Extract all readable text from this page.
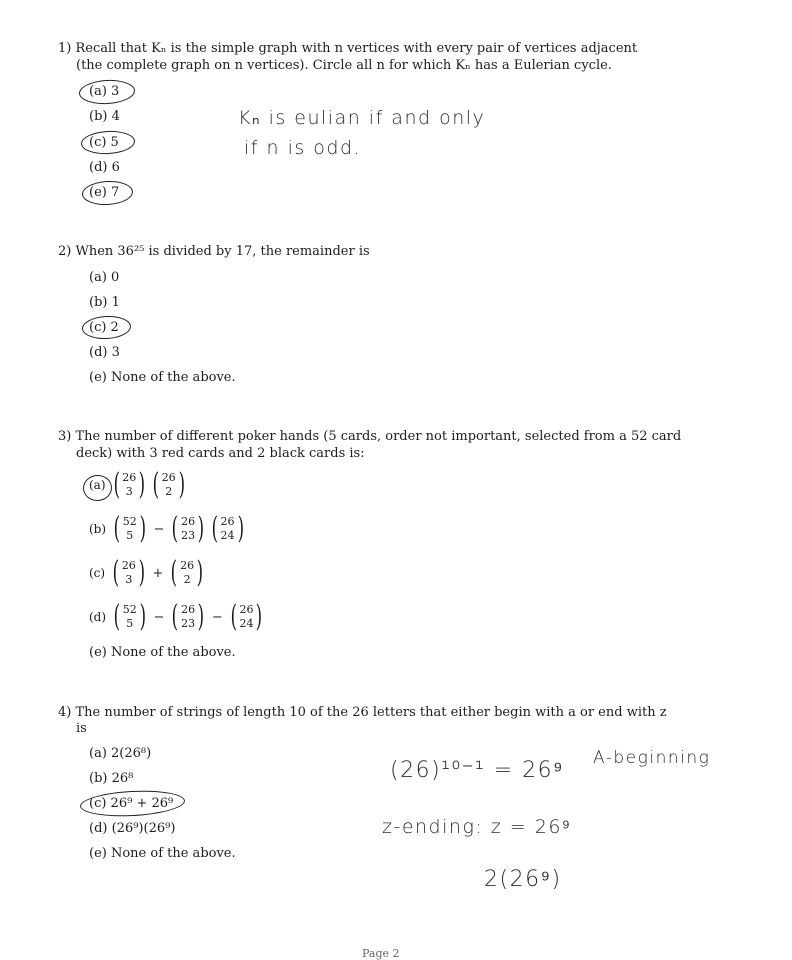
1) Recall that Kₙ is the simple graph with n vertices with every pair of vertices adjacent
(the complete graph on n vertices). Circle all n for which Kₙ has a Eulerian cycle.
(a) 3
(b) 4
(c) 5
(d) 6
(e) 7
Kₙ is eulian if and only
if n is odd.
2) When 36²⁵ is divided by 17, the remainder is
(a) 0
(b) 1
(c) 2
(d) 3
(e) None of the above.
3) The number of different poker hands (5 cards, order not important, selected from a 52 card
deck) with 3 red cards and 2 black cards is:
(a) ( 26
3 ) ( 26
2 )
(b) ( 52
5 ) − ( 26
23 ) ( 26
24 )
(c) ( 26
3 ) + ( 26
2 )
(d) ( 52
5 ) − ( 26
23 ) − ( 26
24 )
(e) None of the above.
4) The number of strings of length 10 of the 26 letters that either begin with a or end with z
is
(a) 2(26⁸)
(b) 26⁸
(c) 26⁹ + 26⁹
(d) (26⁹)(26⁹)
(e) None of the above.
(26)¹⁰⁻¹ = 26⁹ A-beginning
z-ending: z = 26⁹
2(26⁹)
Page 2
